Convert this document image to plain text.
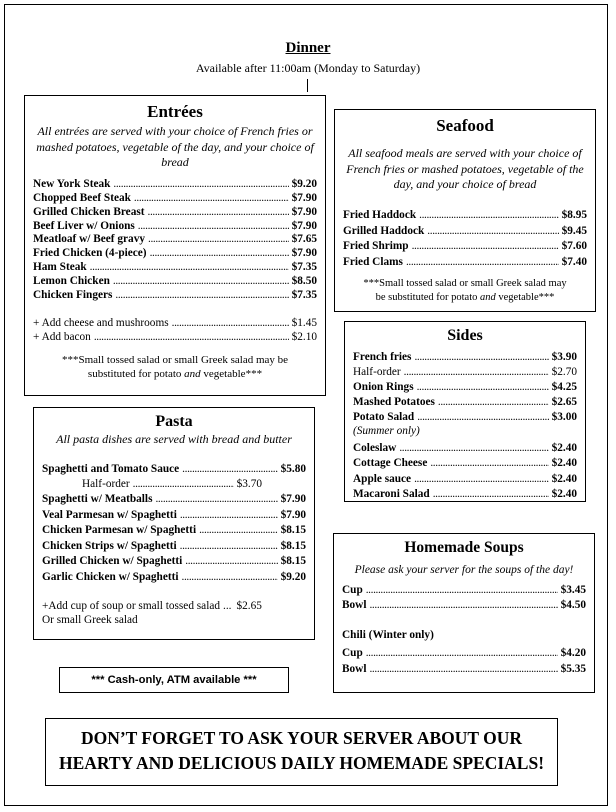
Dinner
Available after 11:00am (Monday to Saturday)
Entrées
All entrées are served with your choice of French fries or mashed potatoes, vegetable of the day, and your choice of bread
New York Steak . . .	$9.20
Chopped Beef Steak . . .	$7.90
Grilled Chicken Breast . . .	$7.90
Beef Liver w/ Onions . . .	$7.90
Meatloaf w/ Beef gravy . . .	$7.65
Fried Chicken (4-piece) . . .	$7.90
Ham Steak . . .	$7.35
Lemon Chicken . . .	$8.50
Chicken Fingers . . .	$7.35
+ Add cheese and mushrooms . . .	$1.45
+ Add bacon . . .	$2.10
***Small tossed salad or small Greek salad may be
substituted for potato and vegetable***
Seafood
All seafood meals are served with your choice of French fries or mashed potatoes, vegetable of the day, and your choice of bread
Fried Haddock . . .	$8.95
Grilled Haddock . . .	$9.45
Fried Shrimp . . .	$7.60
Fried Clams . . .	$7.40
***Small tossed salad or small Greek salad may
be substituted for potato and vegetable***
Sides
French fries . . .	$3.90
Half-order . . .	$2.70
Onion Rings . . .	$4.25
Mashed Potatoes . . .	$2.65
Potato Salad . . .	$3.00
(Summer only)
Coleslaw . . .	$2.40
Cottage Cheese . . .	$2.40
Apple sauce . . .	$2.40
Macaroni Salad . . .	$2.40
Pasta
All pasta dishes are served with bread and butter
Spaghetti and Tomato Sauce . . .	$5.80
Half-order . . .	$3.70
Spaghetti w/ Meatballs . . .	$7.90
Veal Parmesan w/ Spaghetti . . .	$7.90
Chicken Parmesan w/ Spaghetti . . .	$8.15
Chicken Strips w/ Spaghetti . . .	$8.15
Grilled Chicken w/ Spaghetti . . .	$8.15
Garlic Chicken w/ Spaghetti . . .	$9.20
+Add cup of soup or small tossed salad ... $2.65
Or small Greek salad
Homemade Soups
Please ask your server for the soups of the day!
Cup . . .	$3.45
Bowl . . .	$4.50
Chili (Winter only)
Cup . . .	$4.20
Bowl . . .	$5.35
*** Cash-only, ATM available ***
DON’T FORGET TO ASK YOUR SERVER ABOUT OUR
HEARTY AND DELICIOUS DAILY HOMEMADE SPECIALS!
